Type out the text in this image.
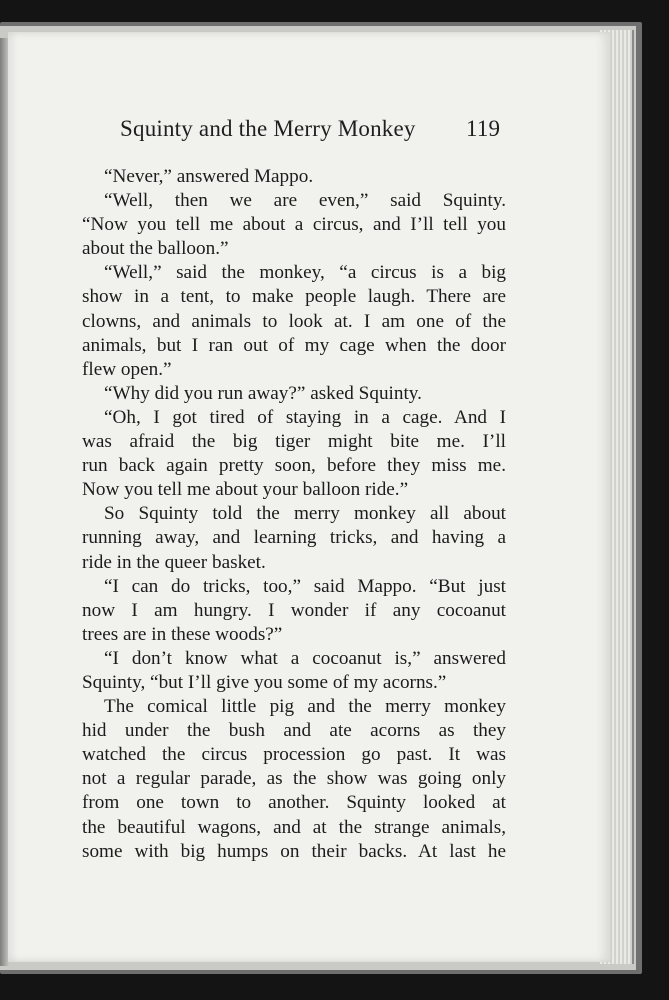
Squinty and the Merry Monkey 119
“Never,” answered Mappo.
“Well, then we are even,” said Squinty.
“Now you tell me about a circus, and I’ll tell you
about the balloon.”
“Well,” said the monkey, “a circus is a big
show in a tent, to make people laugh. There are
clowns, and animals to look at. I am one of the
animals, but I ran out of my cage when the door
flew open.”
“Why did you run away?” asked Squinty.
“Oh, I got tired of staying in a cage. And I
was afraid the big tiger might bite me. I’ll
run back again pretty soon, before they miss me.
Now you tell me about your balloon ride.”
So Squinty told the merry monkey all about
running away, and learning tricks, and having a
ride in the queer basket.
“I can do tricks, too,” said Mappo. “But just
now I am hungry. I wonder if any cocoanut
trees are in these woods?”
“I don’t know what a cocoanut is,” answered
Squinty, “but I’ll give you some of my acorns.”
The comical little pig and the merry monkey
hid under the bush and ate acorns as they
watched the circus procession go past. It was
not a regular parade, as the show was going only
from one town to another. Squinty looked at
the beautiful wagons, and at the strange animals,
some with big humps on their backs. At last he
